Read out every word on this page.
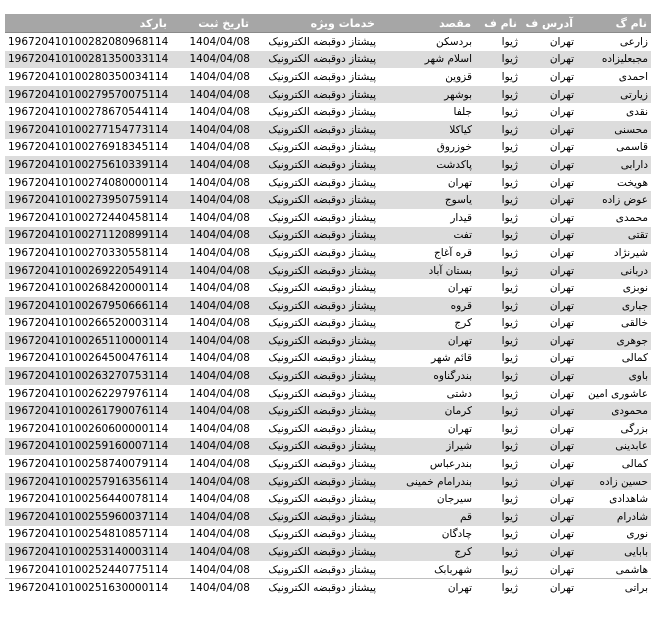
بارکد	تاریخ ثبت	خدمات ویژه	مقصد	نام ف	آدرس ف	نام گ
196720410100282080968114	1404/04/08	پیشتاز دوقبضه الکترونیک	بردسکن	ژیوا	تهران	زارعی
196720410100281350033114	1404/04/08	پیشتاز دوقبضه الکترونیک	اسلام شهر	ژیوا	تهران	مجبعلیزاده
196720410100280350034114	1404/04/08	پیشتاز دوقبضه الکترونیک	قزوین	ژیوا	تهران	احمدی
196720410100279570075114	1404/04/08	پیشتاز دوقبضه الکترونیک	بوشهر	ژیوا	تهران	زیارتی
196720410100278670544114	1404/04/08	پیشتاز دوقبضه الکترونیک	جلفا	ژیوا	تهران	نقدی
196720410100277154773114	1404/04/08	پیشتاز دوقبضه الکترونیک	کیاکلا	ژیوا	تهران	محسنی
196720410100276918345114	1404/04/08	پیشتاز دوقبضه الکترونیک	خوزروق	ژیوا	تهران	قاسمی
196720410100275610339114	1404/04/08	پیشتاز دوقبضه الکترونیک	پاکدشت	ژیوا	تهران	دارابی
196720410100274080000114	1404/04/08	پیشتاز دوقبضه الکترونیک	تهران	ژیوا	تهران	هویخت
196720410100273950759114	1404/04/08	پیشتاز دوقبضه الکترونیک	یاسوج	ژیوا	تهران	عوض زاده
196720410100272440458114	1404/04/08	پیشتاز دوقبضه الکترونیک	قیدار	ژیوا	تهران	محمدی
196720410100271120899114	1404/04/08	پیشتاز دوقبضه الکترونیک	تفت	ژیوا	تهران	تقتی
196720410100270330558114	1404/04/08	پیشتاز دوقبضه الکترونیک	قره آغاج	ژیوا	تهران	شیرنژاد
196720410100269220549114	1404/04/08	پیشتاز دوقبضه الکترونیک	بستان آباد	ژیوا	تهران	دربانی
196720410100268420000114	1404/04/08	پیشتاز دوقبضه الکترونیک	تهران	ژیوا	تهران	نوبزی
196720410100267950666114	1404/04/08	پیشتاز دوقبضه الکترونیک	قروه	ژیوا	تهران	جباری
196720410100266520003114	1404/04/08	پیشتاز دوقبضه الکترونیک	کرج	ژیوا	تهران	خالقی
196720410100265110000114	1404/04/08	پیشتاز دوقبضه الکترونیک	تهران	ژیوا	تهران	جوهری
196720410100264500476114	1404/04/08	پیشتاز دوقبضه الکترونیک	قائم شهر	ژیوا	تهران	کمالی
196720410100263270753114	1404/04/08	پیشتاز دوقبضه الکترونیک	بندرگناوه	ژیوا	تهران	باوی
196720410100262297976114	1404/04/08	پیشتاز دوقبضه الکترونیک	دشتی	ژیوا	تهران	عاشوری امین
196720410100261790076114	1404/04/08	پیشتاز دوقبضه الکترونیک	کرمان	ژیوا	تهران	محمودی
196720410100260600000114	1404/04/08	پیشتاز دوقبضه الکترونیک	تهران	ژیوا	تهران	بزرگی
196720410100259160007114	1404/04/08	پیشتاز دوقبضه الکترونیک	شیراز	ژیوا	تهران	عابدینی
196720410100258740079114	1404/04/08	پیشتاز دوقبضه الکترونیک	بندرعباس	ژیوا	تهران	کمالی
196720410100257916356114	1404/04/08	پیشتاز دوقبضه الکترونیک	بندرامام خمینی	ژیوا	تهران	حسین زاده
196720410100256440078114	1404/04/08	پیشتاز دوقبضه الکترونیک	سیرجان	ژیوا	تهران	شاهدادی
196720410100255960037114	1404/04/08	پیشتاز دوقبضه الکترونیک	قم	ژیوا	تهران	شادرام
196720410100254810857114	1404/04/08	پیشتاز دوقبضه الکترونیک	چادگان	ژیوا	تهران	نوری
196720410100253140003114	1404/04/08	پیشتاز دوقبضه الکترونیک	کرج	ژیوا	تهران	بابایی
196720410100252440775114	1404/04/08	پیشتاز دوقبضه الکترونیک	شهربابک	ژیوا	تهران	هاشمی
196720410100251630000114	1404/04/08	پیشتاز دوقبضه الکترونیک	تهران	ژیوا	تهران	براتی
